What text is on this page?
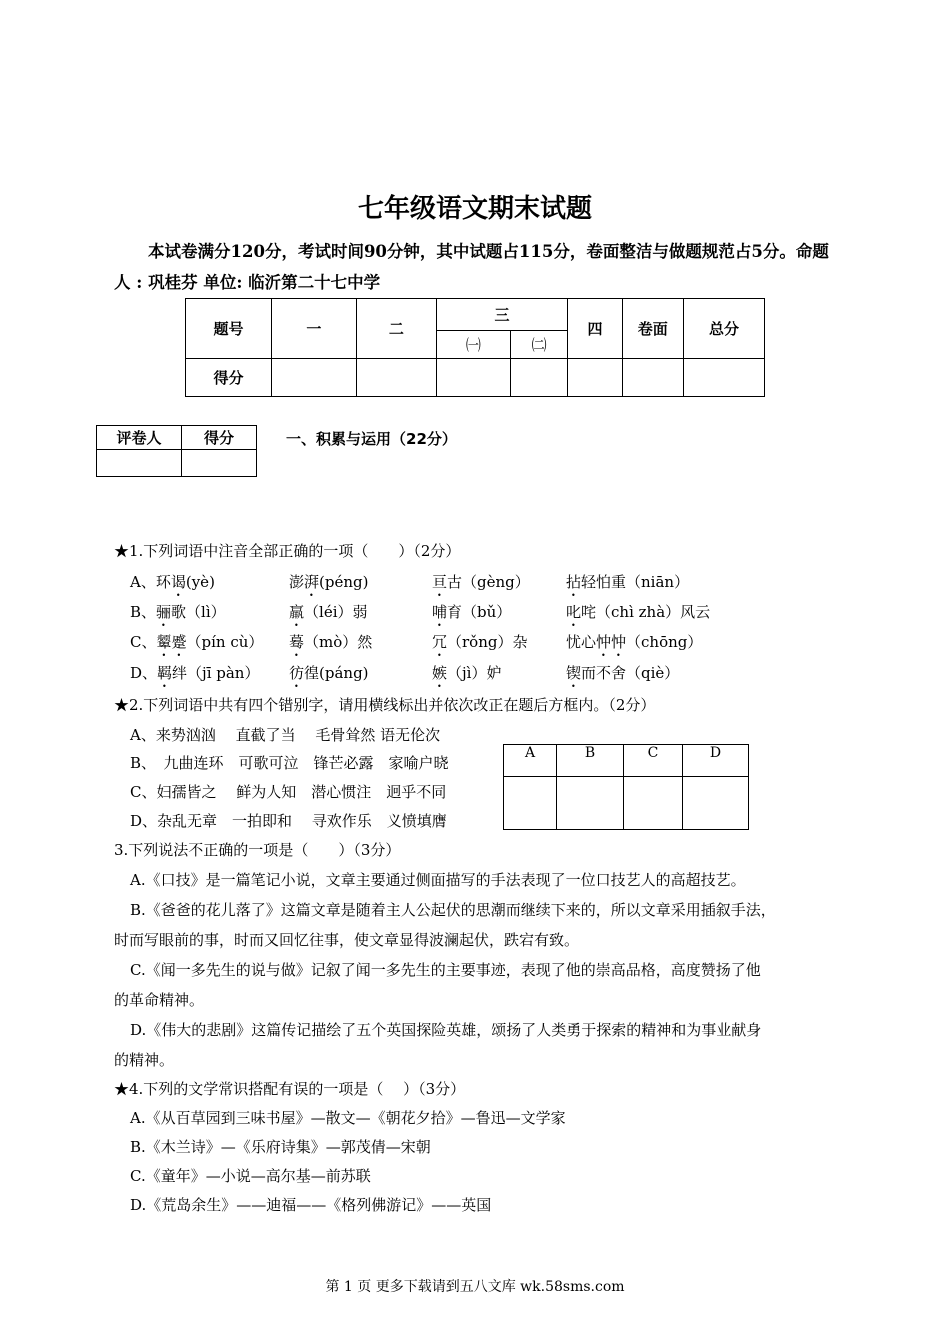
七年级语文期末试题
本试卷满分120分，考试时间90分钟，其中试题占115分，卷面整洁与做题规范占5分。命题人 : 巩桂芬 单位: 临沂第二十七中学
题号	一	二	三		四	卷面	总分
			㈠	㈡			
得分							
评卷人	得分
		一、积累与运用（22分）
★1.下列词语中注音全部正确的一项（　　）（2分）
A、环谒(yè)	澎湃(péng)	亘古（gèng） 拈轻怕重（niān）
B、骊歌（lì）	羸（léi）弱	哺育（bǔ）	叱咤（chì zhà）风云
C、颦蹙（pín cù） 蓦（mò）然	冗（rǒng）杂	忧心忡忡（chōng）
D、羁绊（jī pàn） 彷徨(páng)	嫉（jì）妒	锲而不舍（qiè）
★2.下列词语中共有四个错别字，请用横线标出并依次改正在题后方框内。（2分）
A、来势汹汹　 直截了当　 毛骨耸然 语无伦次
B、　九曲连环　可歌可泣　锋芒必露　家喻户晓
C、妇孺皆之　 鲜为人知　潜心惯注　迥乎不同
D、杂乱无章　一拍即和　 寻欢作乐　义愤填膺
A	B	C	D

3.下列说法不正确的一项是（　　）（3分）
A.《口技》是一篇笔记小说，文章主要通过侧面描写的手法表现了一位口技艺人的高超技艺。
B.《爸爸的花儿落了》这篇文章是随着主人公起伏的思潮而继续下来的，所以文章采用插叙手法，
时而写眼前的事，时而又回忆往事，使文章显得波澜起伏，跌宕有致。
C.《闻一多先生的说与做》记叙了闻一多先生的主要事迹，表现了他的崇高品格，高度赞扬了他
的革命精神。
D.《伟大的悲剧》这篇传记描绘了五个英国探险英雄，颂扬了人类勇于探索的精神和为事业献身
的精神。
★4.下列的文学常识搭配有误的一项是（　 ）（3分）
A.《从百草园到三味书屋》—散文—《朝花夕拾》—鲁迅—文学家
B.《木兰诗》—《乐府诗集》—郭茂倩—宋朝
C.《童年》—小说—高尔基—前苏联
D.《荒岛余生》——迪福——《格列佛游记》——英国
第 1 页 更多下载请到五八文库 wk.58sms.com
